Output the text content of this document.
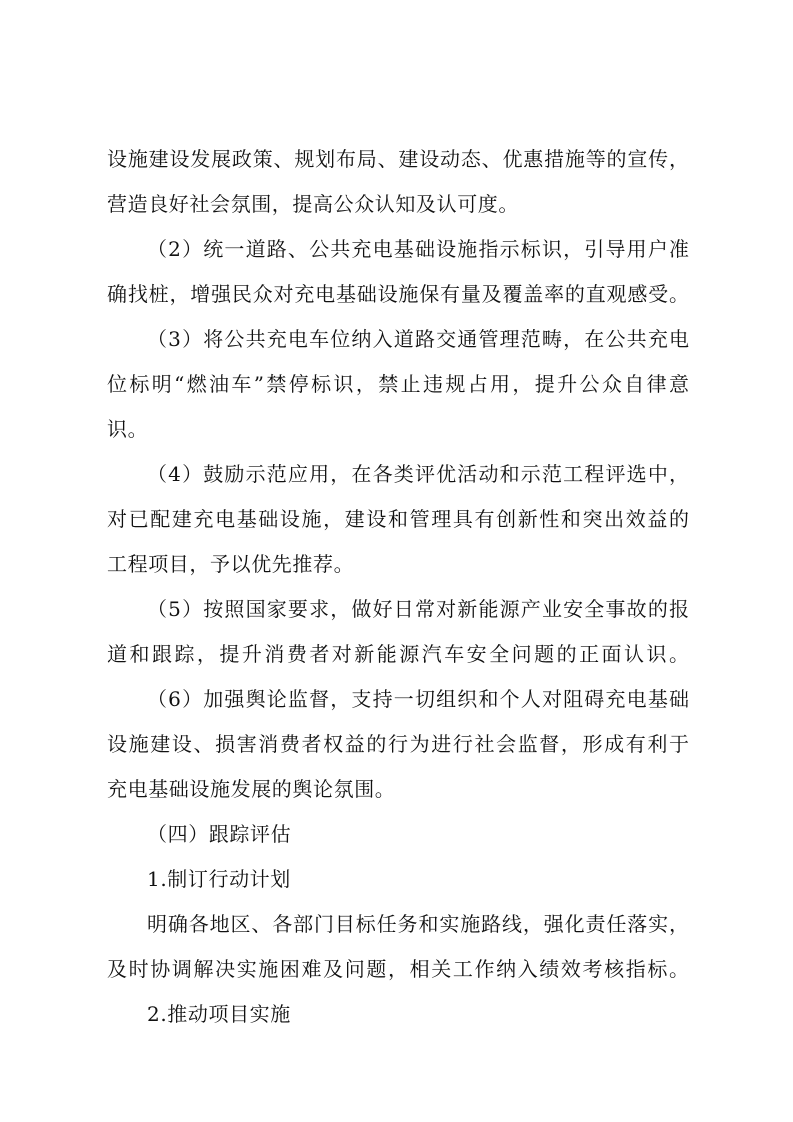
设施建设发展政策、规划布局、建设动态、优惠措施等的宣传，
营造良好社会氛围，提高公众认知及认可度。
（2）统一道路、公共充电基础设施指示标识，引导用户准
确找桩，增强民众对充电基础设施保有量及覆盖率的直观感受。
（3）将公共充电车位纳入道路交通管理范畴，在公共充电
位标明“燃油车”禁停标识，禁止违规占用，提升公众自律意
识。
（4）鼓励示范应用，在各类评优活动和示范工程评选中，
对已配建充电基础设施，建设和管理具有创新性和突出效益的
工程项目，予以优先推荐。
（5）按照国家要求，做好日常对新能源产业安全事故的报
道和跟踪，提升消费者对新能源汽车安全问题的正面认识。
（6）加强舆论监督，支持一切组织和个人对阻碍充电基础
设施建设、损害消费者权益的行为进行社会监督，形成有利于
充电基础设施发展的舆论氛围。
（四）跟踪评估
1.制订行动计划
明确各地区、各部门目标任务和实施路线，强化责任落实，
及时协调解决实施困难及问题，相关工作纳入绩效考核指标。
2.推动项目实施
